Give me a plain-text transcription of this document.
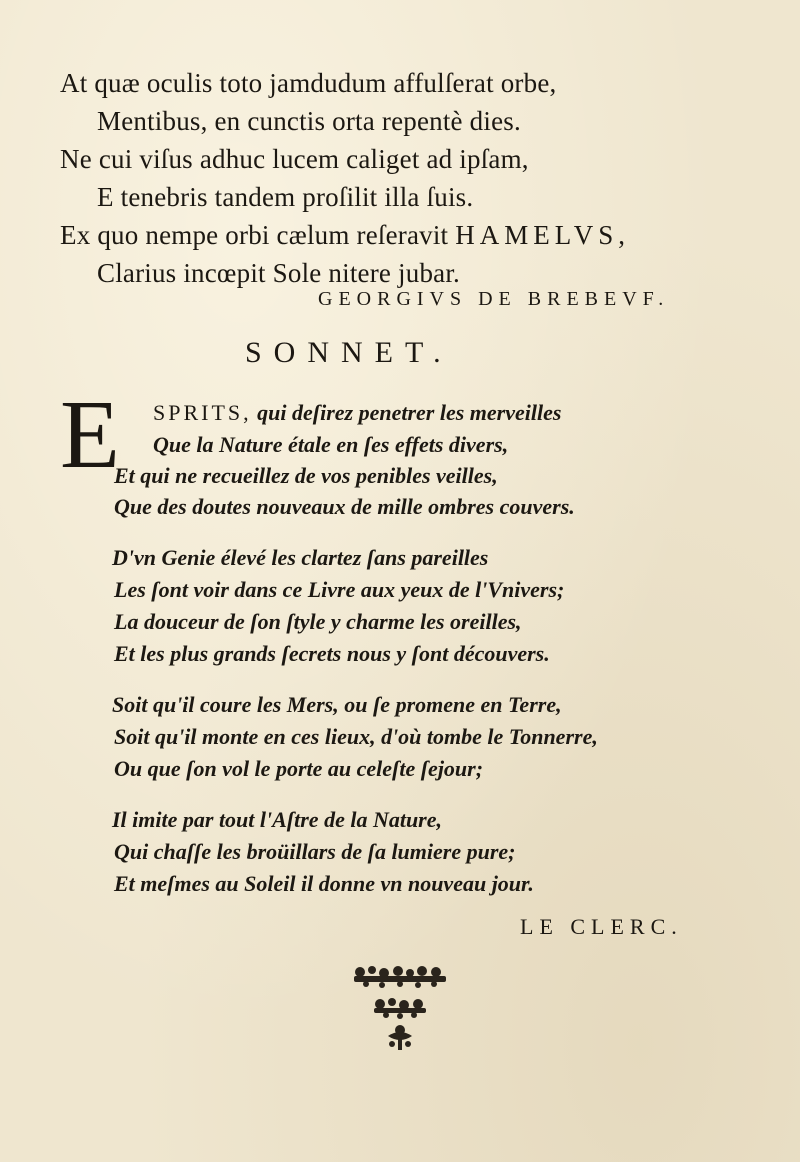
At quæ oculis toto jamdudum affulſerat orbe,
Mentibus, en cunctis orta repentè dies.
Ne cui viſus adhuc lucem caliget ad ipſam,
E tenebris tandem proſilit illa ſuis.
Ex quo nempe orbi cælum reſeravit HAMELVS,
Clarius incœpit Sole nitere jubar.
GEORGIVS DE BREBEVF.
SONNET.
E SPRITS, qui deſirez penetrer les merveilles
Que la Nature étale en ſes effets divers,
Et qui ne recueillez de vos penibles veilles,
Que des doutes nouveaux de mille ombres couvers.
D'vn Genie élevé les clartez ſans pareilles
Les ſont voir dans ce Livre aux yeux de l'Vnivers;
La douceur de ſon ſtyle y charme les oreilles,
Et les plus grands ſecrets nous y ſont découvers.
Soit qu'il coure les Mers, ou ſe promene en Terre,
Soit qu'il monte en ces lieux, d'où tombe le Tonnerre,
Ou que ſon vol le porte au celeſte ſejour;
Il imite par tout l'Aſtre de la Nature,
Qui chaſſe les broüillars de ſa lumiere pure;
Et meſmes au Soleil il donne vn nouveau jour.
LE CLERC.
